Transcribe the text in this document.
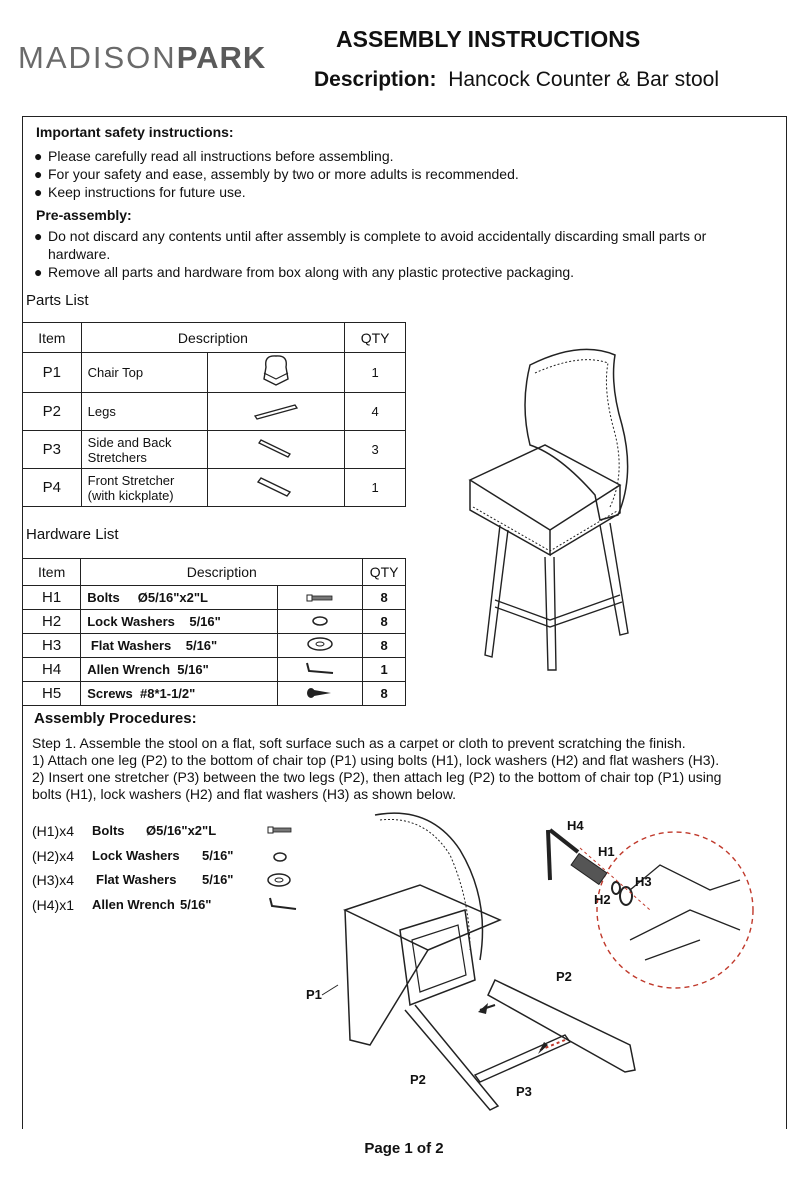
MADISONPARK
ASSEMBLY INSTRUCTIONS
Description: Hancock Counter & Bar stool
Important safety instructions:
● Please carefully read all instructions before assembling.
● For your safety and ease, assembly by two or more adults is recommended.
● Keep instructions for future use.
Pre-assembly:
● Do not discard any contents until after assembly is complete to avoid accidentally discarding small parts or
hardware.
● Remove all parts and hardware from box along with any plastic protective packaging.
Parts List
Item	Description		QTY
P1	Chair Top		1
P2	Legs		4
P3	Side and Back
Stretchers		3
P4	Front Stretcher
(with kickplate)		1
Hardware List
Item	Description		QTY
H1	Bolts     Ø5/16"x2"L		8
H2	Lock Washers    5/16"		8
H3	Flat Washers    5/16"		8
H4	Allen Wrench  5/16"		1
H5	Screws  #8*1-1/2"		8
Assembly Procedures:
Step 1. Assemble the stool on a flat, soft surface such as a carpet or cloth to prevent scratching the finish.
1) Attach one leg (P2) to the bottom of chair top (P1) using bolts (H1), lock washers (H2) and flat washers (H3).
2) Insert one stretcher (P3) between the two legs (P2), then attach leg (P2) to the bottom of chair top (P1) using
bolts (H1), lock washers (H2) and flat washers (H3) as shown below.
(H1)x4 Bolts Ø5/16"x2"L
(H2)x4 Lock Washers 5/16"
(H3)x4 Flat Washers 5/16"
(H4)x1 Allen Wrench 5/16"
H4
H1
H3
H2
P1
P2
P2
P3
Page 1 of 2
